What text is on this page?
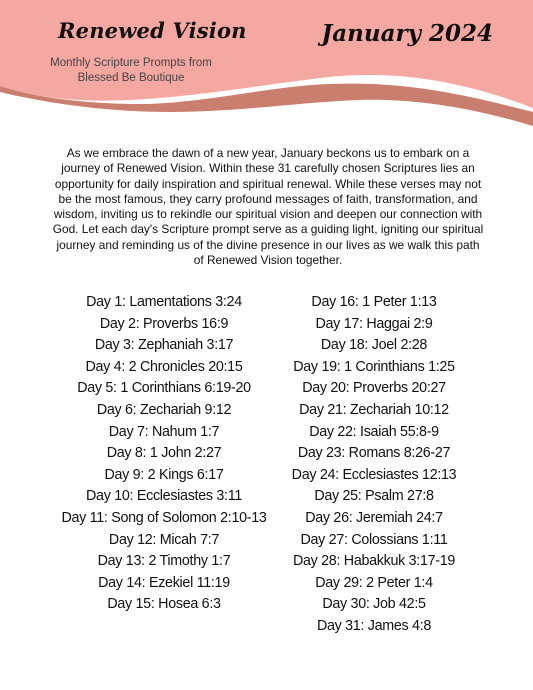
Renewed Vision	January 2024
Monthly Scripture Prompts from
Blessed Be Boutique
As we embrace the dawn of a new year, January beckons us to embark on a journey of Renewed Vision. Within these 31 carefully chosen Scriptures lies an opportunity for daily inspiration and spiritual renewal. While these verses may not be the most famous, they carry profound messages of faith, transformation, and wisdom, inviting us to rekindle our spiritual vision and deepen our connection with God. Let each day's Scripture prompt serve as a guiding light, igniting our spiritual journey and reminding us of the divine presence in our lives as we walk this path of Renewed Vision together.
Day 1: Lamentations 3:24
Day 2: Proverbs 16:9
Day 3: Zephaniah 3:17
Day 4: 2 Chronicles 20:15
Day 5: 1 Corinthians 6:19-20
Day 6: Zechariah 9:12
Day 7: Nahum 1:7
Day 8: 1 John 2:27
Day 9: 2 Kings 6:17
Day 10: Ecclesiastes 3:11
Day 11: Song of Solomon 2:10-13
Day 12: Micah 7:7
Day 13: 2 Timothy 1:7
Day 14: Ezekiel 11:19
Day 15: Hosea 6:3
Day 16: 1 Peter 1:13
Day 17: Haggai 2:9
Day 18: Joel 2:28
Day 19: 1 Corinthians 1:25
Day 20: Proverbs 20:27
Day 21: Zechariah 10:12
Day 22: Isaiah 55:8-9
Day 23: Romans 8:26-27
Day 24: Ecclesiastes 12:13
Day 25: Psalm 27:8
Day 26: Jeremiah 24:7
Day 27: Colossians 1:11
Day 28: Habakkuk 3:17-19
Day 29: 2 Peter 1:4
Day 30: Job 42:5
Day 31: James 4:8
